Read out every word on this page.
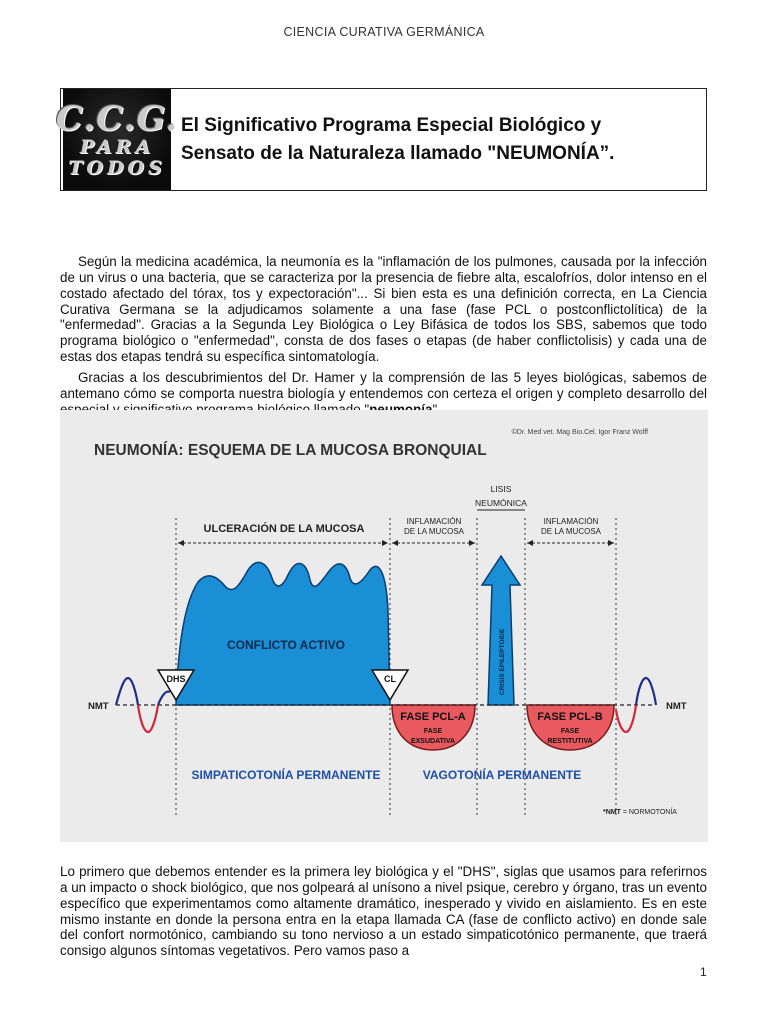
CIENCIA CURATIVA GERMÁNICA
C.C.G.
PARA
TODOS
El Significativo Programa Especial Biológico y
Sensato de la Naturaleza llamado "NEUMONÍA”.

Según la medicina académica, la neumonía es la "inflamación de los pulmones, causada por la infección de un virus o una bacteria, que se caracteriza por la presencia de fiebre alta, escalofríos, dolor intenso en el costado afectado del tórax, tos y expectoración"... Si bien esta es una definición correcta, en La Ciencia Curativa Germana se la adjudicamos solamente a una fase (fase PCL o postconflictolítica) de la "enfermedad". Gracias a la Segunda Ley Biológica o Ley Bifásica de todos los SBS, sabemos que todo programa biológico o "enfermedad", consta de dos fases o etapas (de haber conflictolisis) y cada una de estas dos etapas tendrá su específica sintomatología.

Gracias a los descubrimientos del Dr. Hamer y la comprensión de las 5 leyes biológicas, sabemos de antemano cómo se comporta nuestra biología y entendemos con certeza el origen y completo desarrollo del

©Dr. Med vet. Mag Bio.Cel. Igor Franz Wolff
NEUMONÍA: ESQUEMA DE LA MUCOSA BRONQUIAL
ULCERACIÓN DE LA MUCOSA
INFLAMACIÓN
DE LA MUCOSA
INFLAMACIÓN
DE LA MUCOSA
LISIS
NEUMÓNICA
CONFLICTO ACTIVO
FASE PCL-A
FASE
EXSUDATIVA
FASE PCL-B
FASE
RESTITUTIVA
CRISIS EPILEPTOIDE
NMT	NMT
DHS	CL
SIMPATICOTONÍA PERMANENTE	VAGOTONÍA PERMANENTE
*NMT = NORMOTONÍA

Lo primero que debemos entender es la primera ley biológica y el "DHS", siglas que usamos para referirnos a un impacto o shock biológico, que nos golpeará al unísono a nivel psique, cerebro y órgano, tras un evento específico que experimentamos como altamente dramático, inesperado y vivido en aislamiento. Es en este mismo instante en donde la persona entra en la etapa llamada CA (fase de conflicto activo) en donde sale del confort normotónico, cambiando su tono nervioso a un estado simpaticotónico permanente, que traerá consigo algunos síntomas vegetativos. Pero vamos paso a

1
